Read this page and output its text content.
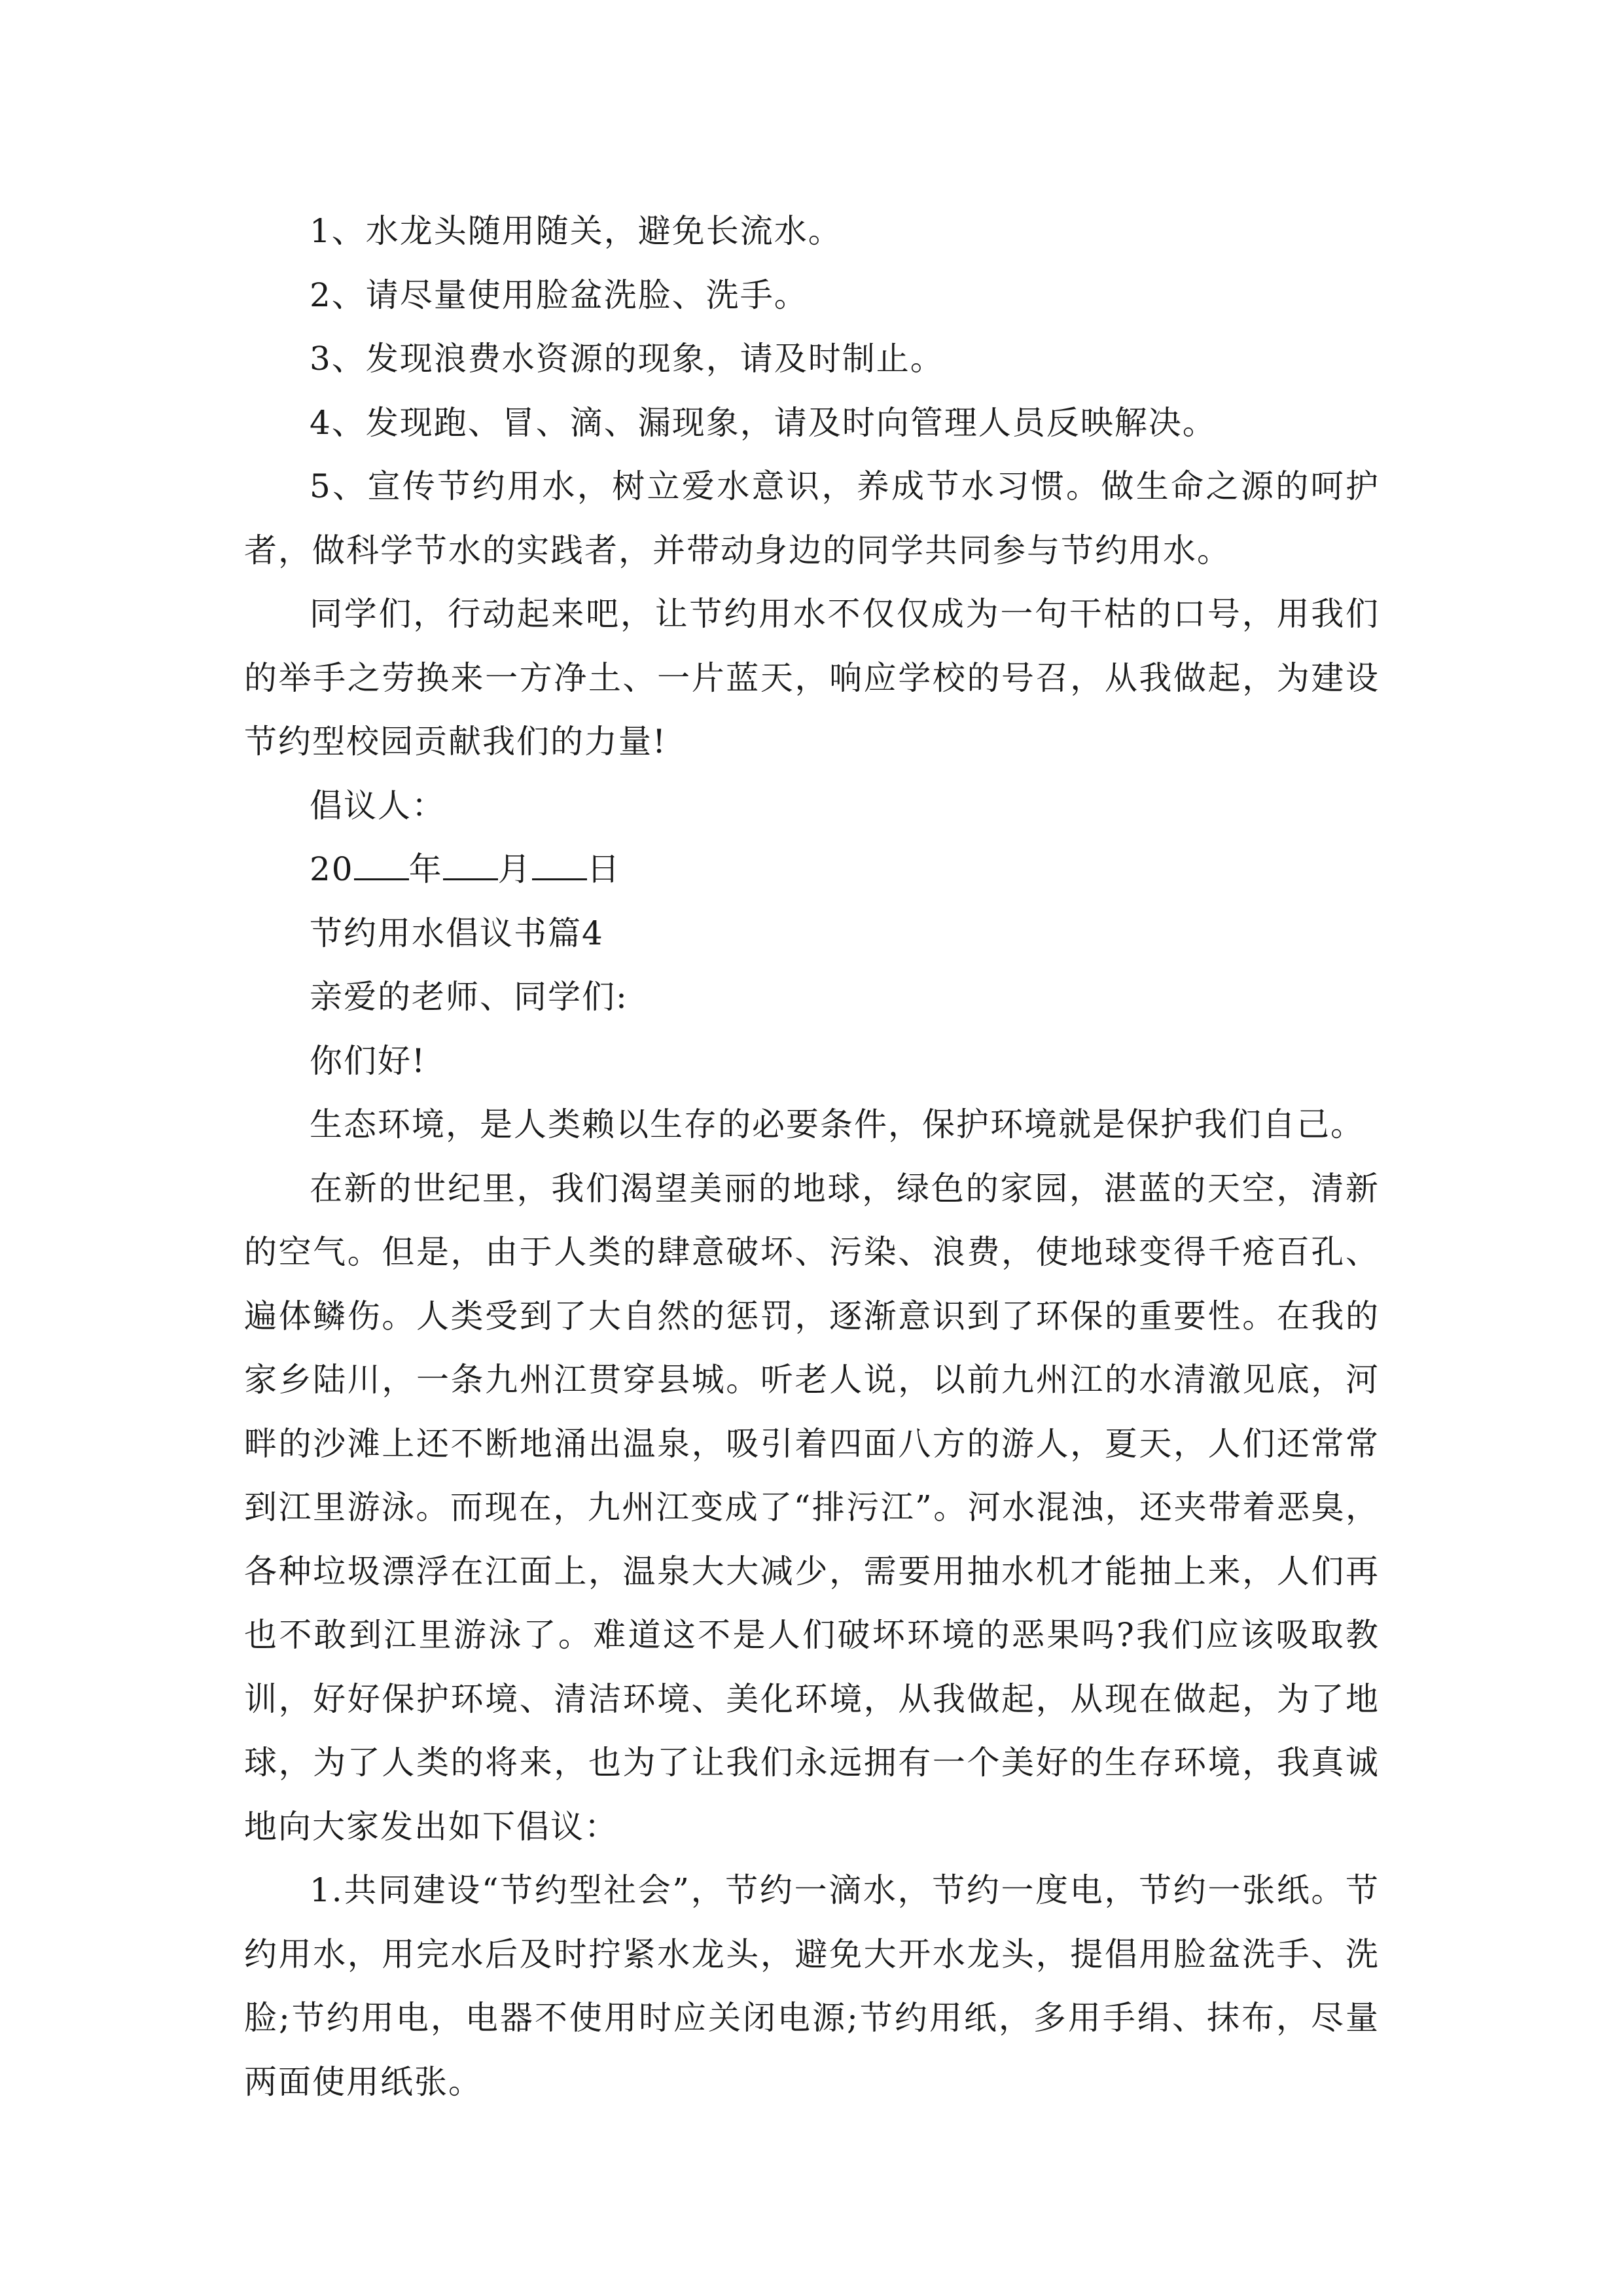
1、水龙头随用随关，避免长流水。

2、请尽量使用脸盆洗脸、洗手。

3、发现浪费水资源的现象，请及时制止。

4、发现跑、冒、滴、漏现象，请及时向管理人员反映解决。

5、宣传节约用水，树立爱水意识，养成节水习惯。做生命之源的呵护者，做科学节水的实践者，并带动身边的同学共同参与节约用水。

同学们，行动起来吧，让节约用水不仅仅成为一句干枯的口号，用我们的举手之劳换来一方净土、一片蓝天，响应学校的号召，从我做起，为建设节约型校园贡献我们的力量!

倡议人：

20 年 月 日

节约用水倡议书篇4

亲爱的老师、同学们:

你们好!

生态环境，是人类赖以生存的必要条件，保护环境就是保护我们自己。

在新的世纪里，我们渴望美丽的地球，绿色的家园，湛蓝的天空，清新的空气。但是，由于人类的肆意破坏、污染、浪费，使地球变得千疮百孔、遍体鳞伤。人类受到了大自然的惩罚，逐渐意识到了环保的重要性。在我的家乡陆川，一条九州江贯穿县城。听老人说，以前九州江的水清澈见底，河畔的沙滩上还不断地涌出温泉，吸引着四面八方的游人，夏天，人们还常常到江里游泳。而现在，九州江变成了“排污江”。河水混浊，还夹带着恶臭，各种垃圾漂浮在江面上，温泉大大减少，需要用抽水机才能抽上来，人们再也不敢到江里游泳了。难道这不是人们破坏环境的恶果吗?我们应该吸取教训，好好保护环境、清洁环境、美化环境，从我做起，从现在做起，为了地球，为了人类的将来，也为了让我们永远拥有一个美好的生存环境，我真诚地向大家发出如下倡议：

1.共同建设“节约型社会”，节约一滴水，节约一度电，节约一张纸。节约用水，用完水后及时拧紧水龙头，避免大开水龙头，提倡用脸盆洗手、洗脸;节约用电，电器不使用时应关闭电源;节约用纸，多用手绢、抹布，尽量两面使用纸张。
